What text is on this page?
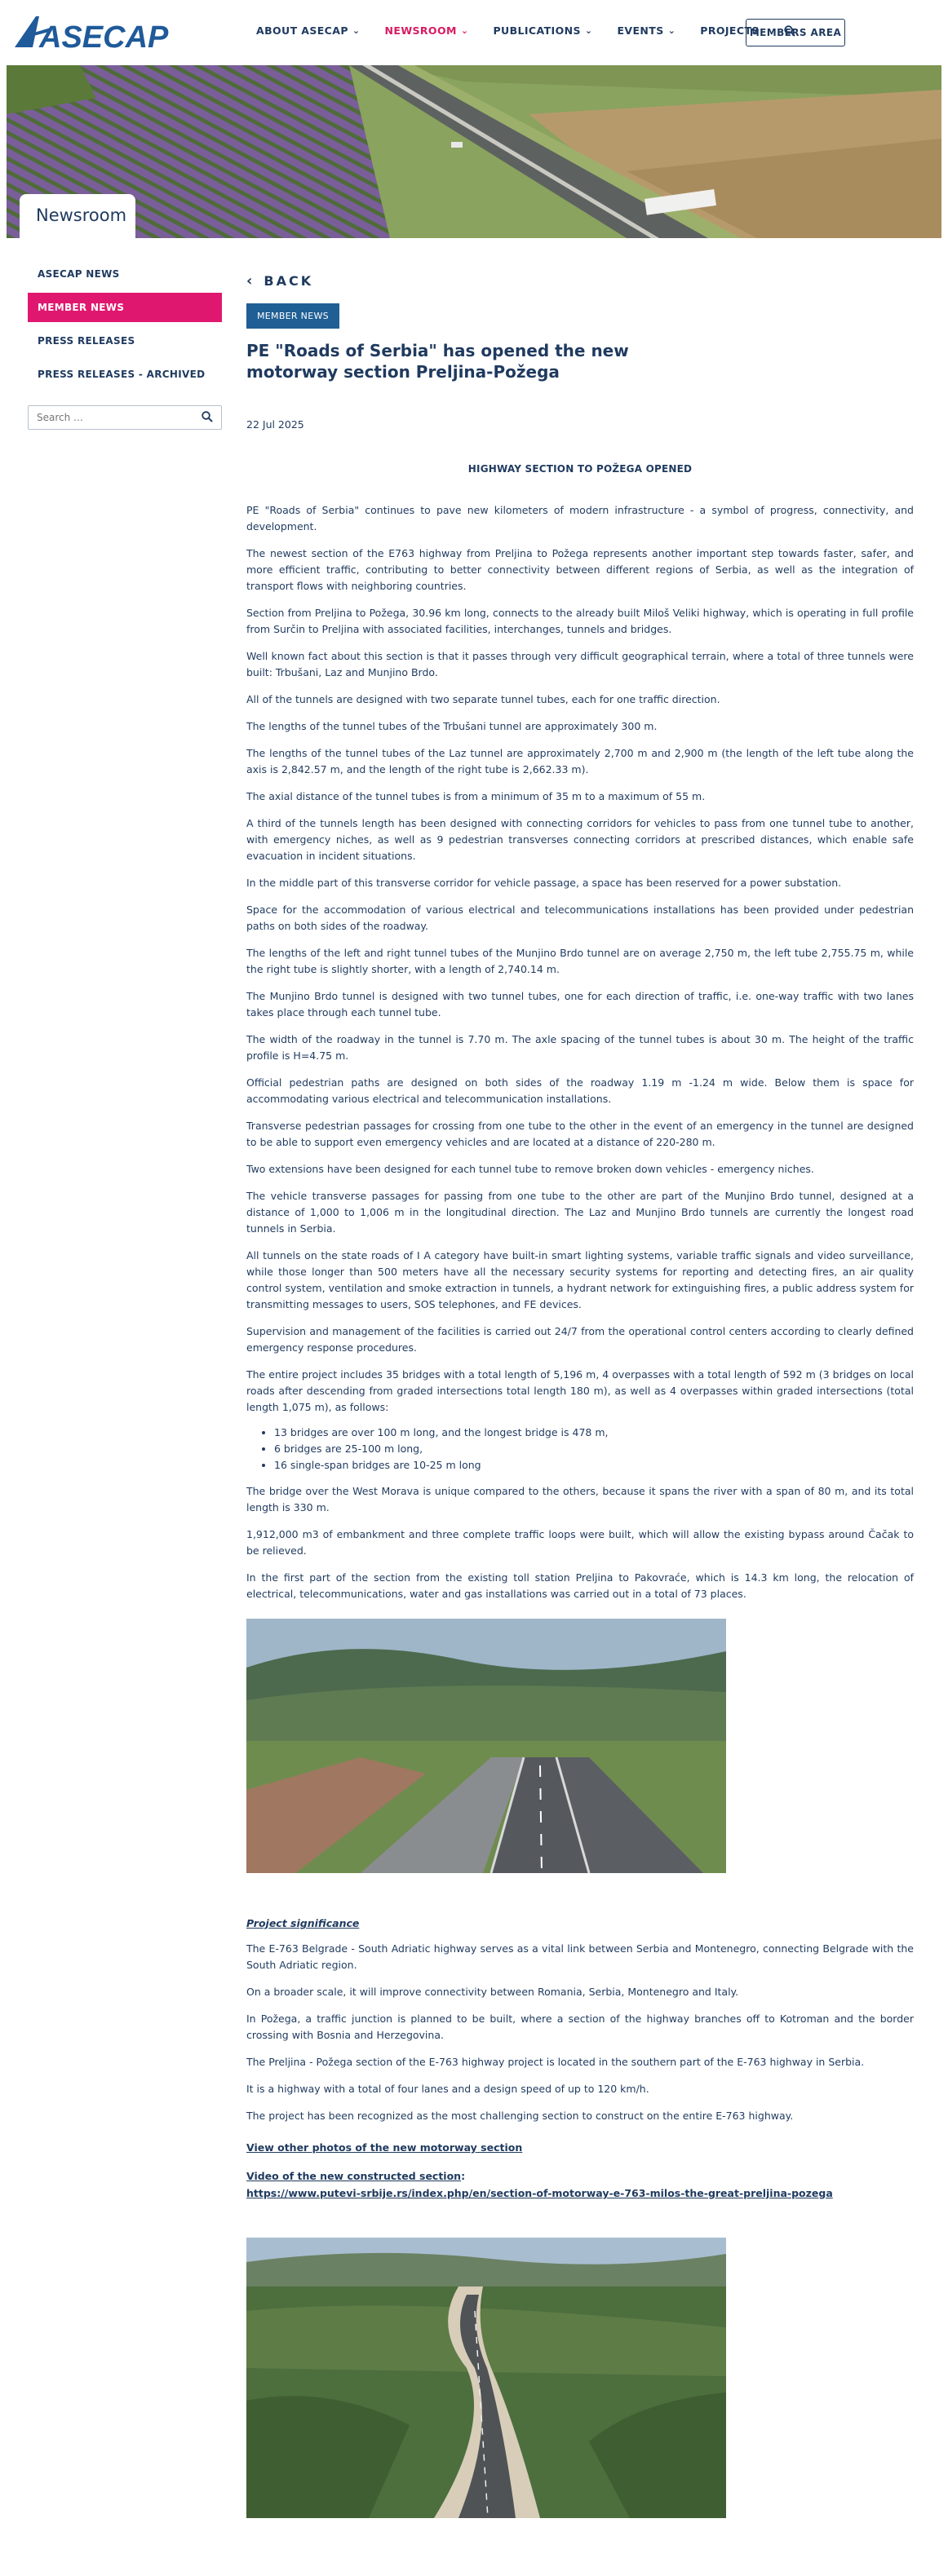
ASECAP	ABOUT ASECAP ⌄ NEWSROOM ⌄ PUBLICATIONS ⌄ EVENTS ⌄ PROJECTS
MEMBERS AREA
Newsroom
ASECAP NEWS
MEMBER NEWS
PRESS RELEASES
PRESS RELEASES - ARCHIVED
Search …
‹ BACK
MEMBER NEWS
PE "Roads of Serbia" has opened the new motorway section Preljina-Požega
22 Jul 2025
HIGHWAY SECTION TO POŽEGA OPENED

PE "Roads of Serbia" continues to pave new kilometers of modern infrastructure - a symbol of progress, connectivity, and development.

The newest section of the E763 highway from Preljina to Požega represents another important step towards faster, safer, and more efficient traffic, contributing to better connectivity between different regions of Serbia, as well as the integration of transport flows with neighboring countries.

Section from Preljina to Požega, 30.96 km long, connects to the already built Miloš Veliki highway, which is operating in full profile from Surčin to Preljina with associated facilities, interchanges, tunnels and bridges.

Well known fact about this section is that it passes through very difficult geographical terrain, where a total of three tunnels were built: Trbušani, Laz and Munjino Brdo.

All of the tunnels are designed with two separate tunnel tubes, each for one traffic direction.

The lengths of the tunnel tubes of the Trbušani tunnel are approximately 300 m.

The lengths of the tunnel tubes of the Laz tunnel are approximately 2,700 m and 2,900 m (the length of the left tube along the axis is 2,842.57 m, and the length of the right tube is 2,662.33 m).

The axial distance of the tunnel tubes is from a minimum of 35 m to a maximum of 55 m.

A third of the tunnels length has been designed with connecting corridors for vehicles to pass from one tunnel tube to another, with emergency niches, as well as 9 pedestrian transverses connecting corridors at prescribed distances, which enable safe evacuation in incident situations.

In the middle part of this transverse corridor for vehicle passage, a space has been reserved for a power substation.

Space for the accommodation of various electrical and telecommunications installations has been provided under pedestrian paths on both sides of the roadway.

The lengths of the left and right tunnel tubes of the Munjino Brdo tunnel are on average 2,750 m, the left tube 2,755.75 m, while the right tube is slightly shorter, with a length of 2,740.14 m.

The Munjino Brdo tunnel is designed with two tunnel tubes, one for each direction of traffic, i.e. one-way traffic with two lanes takes place through each tunnel tube.

The width of the roadway in the tunnel is 7.70 m. The axle spacing of the tunnel tubes is about 30 m. The height of the traffic profile is H=4.75 m.

Official pedestrian paths are designed on both sides of the roadway 1.19 m -1.24 m wide. Below them is space for accommodating various electrical and telecommunication installations.

Transverse pedestrian passages for crossing from one tube to the other in the event of an emergency in the tunnel are designed to be able to support even emergency vehicles and are located at a distance of 220-280 m.

Two extensions have been designed for each tunnel tube to remove broken down vehicles - emergency niches.

The vehicle transverse passages for passing from one tube to the other are part of the Munjino Brdo tunnel, designed at a distance of 1,000 to 1,006 m in the longitudinal direction. The Laz and Munjino Brdo tunnels are currently the longest road tunnels in Serbia.

All tunnels on the state roads of I A category have built-in smart lighting systems, variable traffic signals and video surveillance, while those longer than 500 meters have all the necessary security systems for reporting and detecting fires, an air quality control system, ventilation and smoke extraction in tunnels, a hydrant network for extinguishing fires, a public address system for transmitting messages to users, SOS telephones, and FE devices.

Supervision and management of the facilities is carried out 24/7 from the operational control centers according to clearly defined emergency response procedures.

The entire project includes 35 bridges with a total length of 5,196 m, 4 overpasses with a total length of 592 m (3 bridges on local roads after descending from graded intersections total length 180 m), as well as 4 overpasses within graded intersections (total length 1,075 m), as follows:

• 13 bridges are over 100 m long, and the longest bridge is 478 m,
• 6 bridges are 25-100 m long,
• 16 single-span bridges are 10-25 m long

The bridge over the West Morava is unique compared to the others, because it spans the river with a span of 80 m, and its total length is 330 m.

1,912,000 m3 of embankment and three complete traffic loops were built, which will allow the existing bypass around Čačak to be relieved.

In the first part of the section from the existing toll station Preljina to Pakovraće, which is 14.3 km long, the relocation of electrical, telecommunications, water and gas installations was carried out in a total of 73 places.

Project significance

The E-763 Belgrade - South Adriatic highway serves as a vital link between Serbia and Montenegro, connecting Belgrade with the South Adriatic region.

On a broader scale, it will improve connectivity between Romania, Serbia, Montenegro and Italy.

In Požega, a traffic junction is planned to be built, where a section of the highway branches off to Kotroman and the border crossing with Bosnia and Herzegovina.

The Preljina - Požega section of the E-763 highway project is located in the southern part of the E-763 highway in Serbia.

It is a highway with a total of four lanes and a design speed of up to 120 km/h.

The project has been recognized as the most challenging section to construct on the entire E-763 highway.

View other photos of the new motorway section
Video of the new constructed section:
https://www.putevi-srbije.rs/index.php/en/section-of-motorway-e-763-milos-the-great-preljina-pozega
